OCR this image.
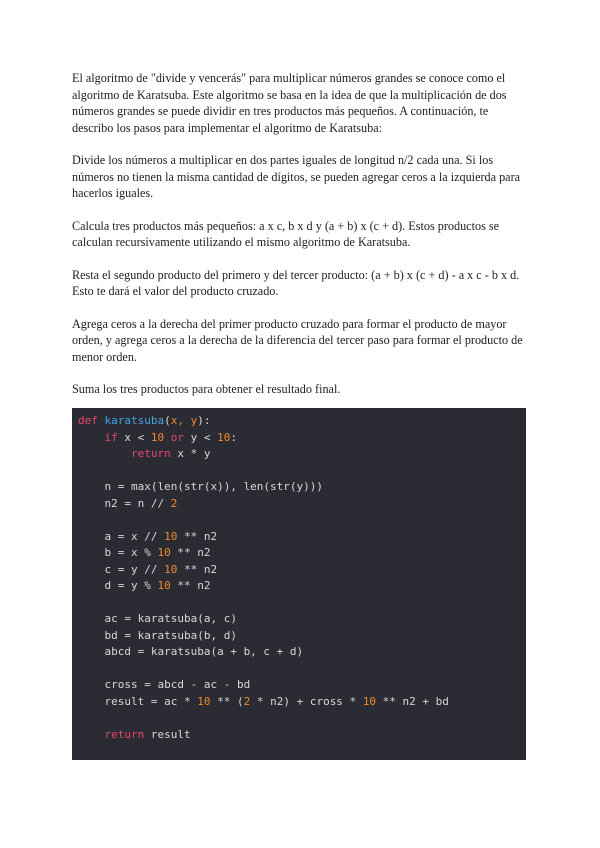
El algoritmo de "divide y vencerás" para multiplicar números grandes se conoce como el algoritmo de Karatsuba. Este algoritmo se basa en la idea de que la multiplicación de dos números grandes se puede dividir en tres productos más pequeños. A continuación, te describo los pasos para implementar el algoritmo de Karatsuba:

Divide los números a multiplicar en dos partes iguales de longitud n/2 cada una. Si los números no tienen la misma cantidad de dígitos, se pueden agregar ceros a la izquierda para hacerlos iguales.

Calcula tres productos más pequeños: a x c, b x d y (a + b) x (c + d). Estos productos se calculan recursivamente utilizando el mismo algoritmo de Karatsuba.

Resta el segundo producto del primero y del tercer producto: (a + b) x (c + d) - a x c - b x d. Esto te dará el valor del producto cruzado.

Agrega ceros a la derecha del primer producto cruzado para formar el producto de mayor orden, y agrega ceros a la derecha de la diferencia del tercer paso para formar el producto de menor orden.

Suma los tres productos para obtener el resultado final.

def karatsuba(x, y):
if x < 10 or y < 10:
return x * y
n = max(len(str(x)), len(str(y)))
n2 = n // 2
a = x // 10 ** n2
b = x % 10 ** n2
c = y // 10 ** n2
d = y % 10 ** n2
ac = karatsuba(a, c)
bd = karatsuba(b, d)
abcd = karatsuba(a + b, c + d)
cross = abcd - ac - bd
result = ac * 10 ** (2 * n2) + cross * 10 ** n2 + bd
return result
